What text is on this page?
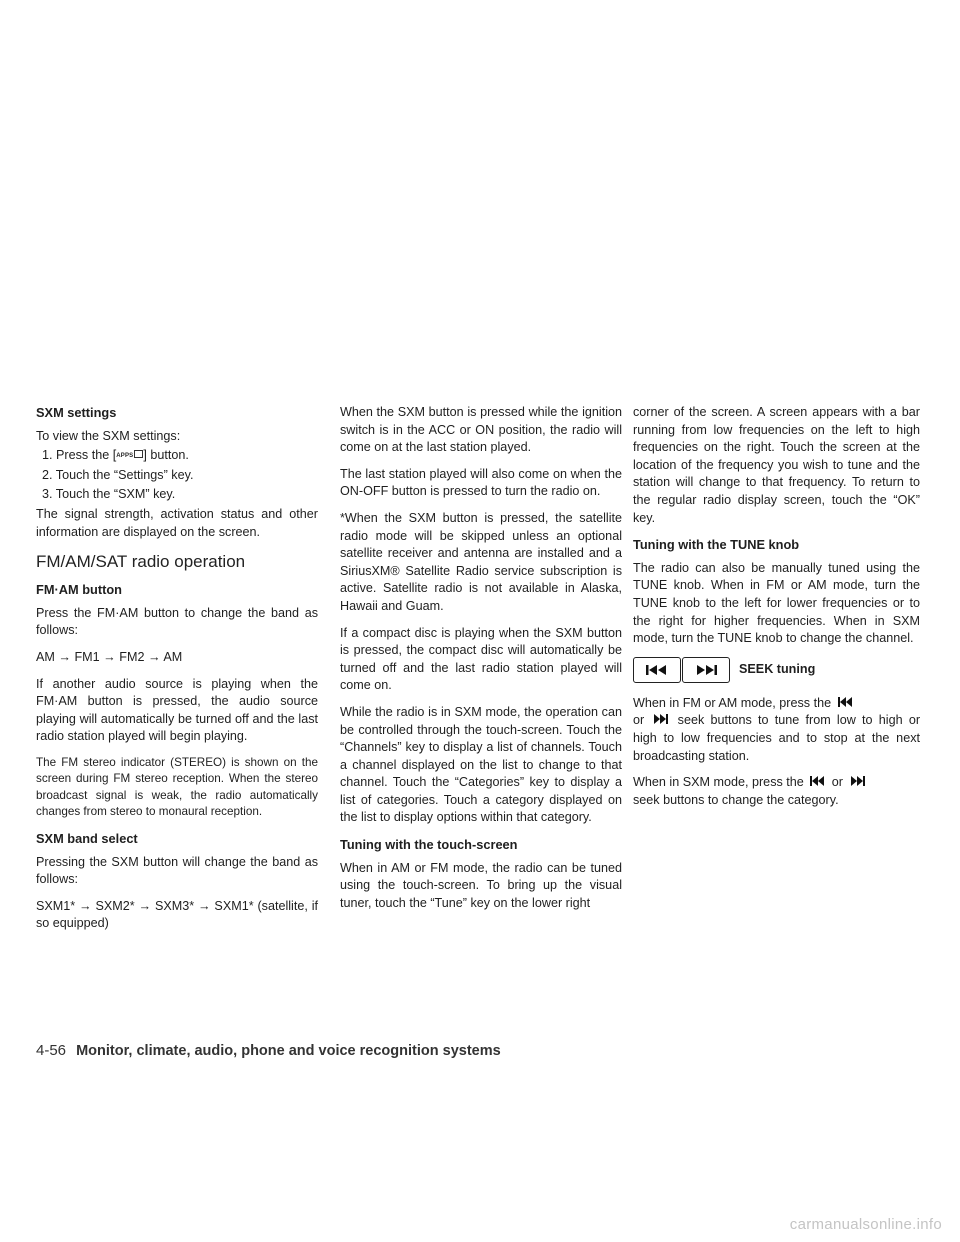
SXM settings

To view the SXM settings:

1. Press the [APPS ] button.
2. Touch the “Settings” key.
3. Touch the “SXM” key.

The signal strength, activation status and other information are displayed on the screen.

FM/AM/SAT radio operation
FM·AM button

Press the FM·AM button to change the band as follows:

AM → FM1 → FM2 → AM

If another audio source is playing when the FM·AM button is pressed, the audio source playing will automatically be turned off and the last radio station played will begin playing.

The FM stereo indicator (STEREO) is shown on the screen during FM stereo reception. When the stereo broadcast signal is weak, the radio automatically changes from stereo to monaural reception.

SXM band select

Pressing the SXM button will change the band as follows:

SXM1* → SXM2* → SXM3* → SXM1* (satellite, if so equipped)

When the SXM button is pressed while the ignition switch is in the ACC or ON position, the radio will come on at the last station played.

The last station played will also come on when the ON-OFF button is pressed to turn the radio on.

*When the SXM button is pressed, the satellite radio mode will be skipped unless an optional satellite receiver and antenna are installed and a SiriusXM® Satellite Radio service subscription is active. Satellite radio is not available in Alaska, Hawaii and Guam.

If a compact disc is playing when the SXM button is pressed, the compact disc will automatically be turned off and the last radio station played will come on.

While the radio is in SXM mode, the operation can be controlled through the touch-screen. Touch the “Channels” key to display a list of channels. Touch a channel displayed on the list to change to that channel. Touch the “Categories” key to display a list of categories. Touch a category displayed on the list to display options within that category.

Tuning with the touch-screen

When in AM or FM mode, the radio can be tuned using the touch-screen. To bring up the visual tuner, touch the “Tune” key on the lower right

corner of the screen. A screen appears with a bar running from low frequencies on the left to high frequencies on the right. Touch the screen at the location of the frequency you wish to tune and the station will change to that frequency. To return to the regular radio display screen, touch the “OK” key.

Tuning with the TUNE knob

The radio can also be manually tuned using the TUNE knob. When in FM or AM mode, turn the TUNE knob to the left for lower frequencies or to the right for higher frequencies. When in SXM mode, turn the TUNE knob to change the channel.

SEEK tuning

When in FM or AM mode, press the
or	seek buttons to tune from low to high or high to low frequencies and to stop at the next broadcasting station.

When in SXM mode, press the or
seek buttons to change the category.

4-56 Monitor, climate, audio, phone and voice recognition systems
carmanualsonline.info
